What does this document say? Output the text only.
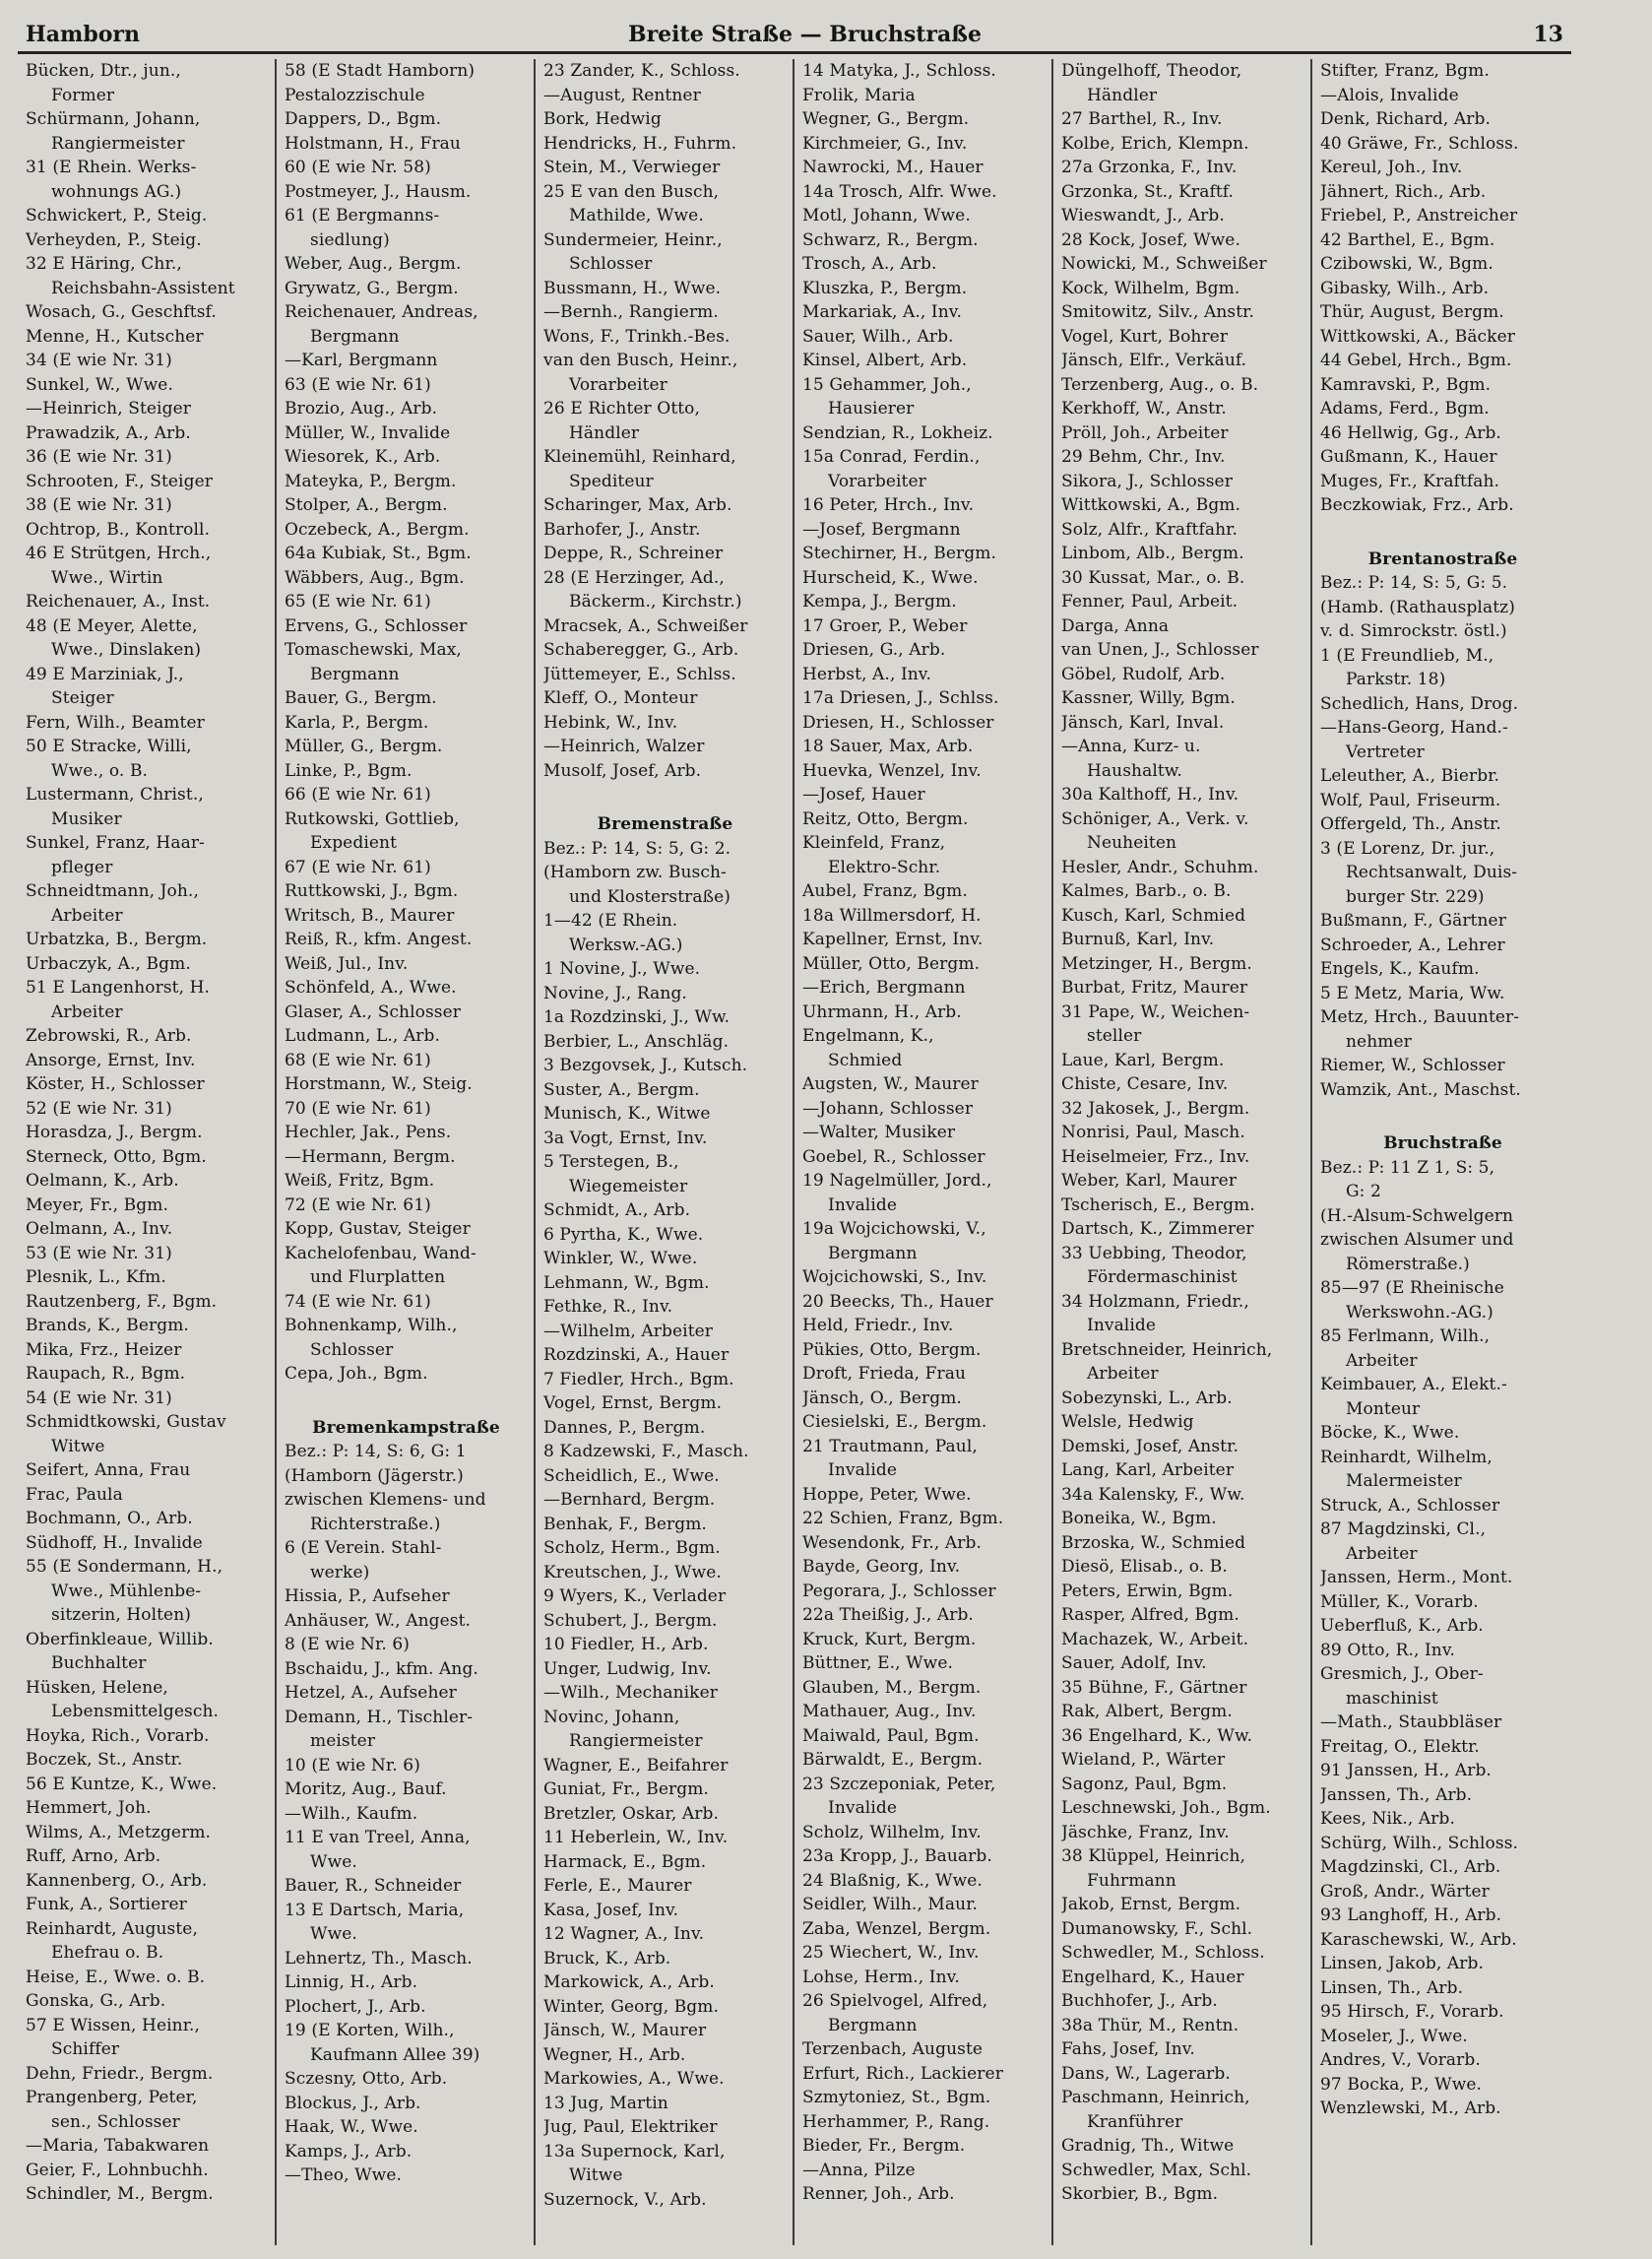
Hamborn	Breite Straße — Bruchstraße	13
Bücken, Dtr., jun.,
Former
Schürmann, Johann,
Rangiermeister
31 (E Rhein. Werks-
wohnungs AG.)
Schwickert, P., Steig.
Verheyden, P., Steig.
32 E Häring, Chr.,
Reichsbahn-Assistent
Wosach, G., Geschftsf.
Menne, H., Kutscher
34 (E wie Nr. 31)
Sunkel, W., Wwe.
—Heinrich, Steiger
Prawadzik, A., Arb.
36 (E wie Nr. 31)
Schrooten, F., Steiger
38 (E wie Nr. 31)
Ochtrop, B., Kontroll.
46 E Strütgen, Hrch.,
Wwe., Wirtin
Reichenauer, A., Inst.
48 (E Meyer, Alette,
Wwe., Dinslaken)
49 E Marziniak, J.,
Steiger
Fern, Wilh., Beamter
50 E Stracke, Willi,
Wwe., o. B.
Lustermann, Christ.,
Musiker
Sunkel, Franz, Haar-
pfleger
Schneidtmann, Joh.,
Arbeiter
Urbatzka, B., Bergm.
Urbaczyk, A., Bgm.
51 E Langenhorst, H.
Arbeiter
Zebrowski, R., Arb.
Ansorge, Ernst, Inv.
Köster, H., Schlosser
52 (E wie Nr. 31)
Horasdza, J., Bergm.
Sterneck, Otto, Bgm.
Oelmann, K., Arb.
Meyer, Fr., Bgm.
Oelmann, A., Inv.
53 (E wie Nr. 31)
Plesnik, L., Kfm.
Rautzenberg, F., Bgm.
Brands, K., Bergm.
Mika, Frz., Heizer
Raupach, R., Bgm.
54 (E wie Nr. 31)
Schmidtkowski, Gustav
Witwe
Seifert, Anna, Frau
Frac, Paula
Bochmann, O., Arb.
Südhoff, H., Invalide
55 (E Sondermann, H.,
Wwe., Mühlenbe-
sitzerin, Holten)
Oberfinkleaue, Willib.
Buchhalter
Hüsken, Helene,
Lebensmittelgesch.
Hoyka, Rich., Vorarb.
Boczek, St., Anstr.
56 E Kuntze, K., Wwe.
Hemmert, Joh.
Wilms, A., Metzgerm.
Ruff, Arno, Arb.
Kannenberg, O., Arb.
Funk, A., Sortierer
Reinhardt, Auguste,
Ehefrau o. B.
Heise, E., Wwe. o. B.
Gonska, G., Arb.
57 E Wissen, Heinr.,
Schiffer
Dehn, Friedr., Bergm.
Prangenberg, Peter,
sen., Schlosser
—Maria, Tabakwaren
Geier, F., Lohnbuchh.
Schindler, M., Bergm.
58 (E Stadt Hamborn)
Pestalozzischule
Dappers, D., Bgm.
Holstmann, H., Frau
60 (E wie Nr. 58)
Postmeyer, J., Hausm.
61 (E Bergmanns-
siedlung)
Weber, Aug., Bergm.
Grywatz, G., Bergm.
Reichenauer, Andreas,
Bergmann
—Karl, Bergmann
63 (E wie Nr. 61)
Brozio, Aug., Arb.
Müller, W., Invalide
Wiesorek, K., Arb.
Mateyka, P., Bergm.
Stolper, A., Bergm.
Oczebeck, A., Bergm.
64a Kubiak, St., Bgm.
Wäbbers, Aug., Bgm.
65 (E wie Nr. 61)
Ervens, G., Schlosser
Tomaschewski, Max,
Bergmann
Bauer, G., Bergm.
Karla, P., Bergm.
Müller, G., Bergm.
Linke, P., Bgm.
66 (E wie Nr. 61)
Rutkowski, Gottlieb,
Expedient
67 (E wie Nr. 61)
Ruttkowski, J., Bgm.
Writsch, B., Maurer
Reiß, R., kfm. Angest.
Weiß, Jul., Inv.
Schönfeld, A., Wwe.
Glaser, A., Schlosser
Ludmann, L., Arb.
68 (E wie Nr. 61)
Horstmann, W., Steig.
70 (E wie Nr. 61)
Hechler, Jak., Pens.
—Hermann, Bergm.
Weiß, Fritz, Bgm.
72 (E wie Nr. 61)
Kopp, Gustav, Steiger
Kachelofenbau, Wand-
und Flurplatten
74 (E wie Nr. 61)
Bohnenkamp, Wilh.,
Schlosser
Cepa, Joh., Bgm.
Bremenkampstraße
Bez.: P: 14, S: 6, G: 1
(Hamborn (Jägerstr.)
zwischen Klemens- und
Richterstraße.)
6 (E Verein. Stahl-
werke)
Hissia, P., Aufseher
Anhäuser, W., Angest.
8 (E wie Nr. 6)
Bschaidu, J., kfm. Ang.
Hetzel, A., Aufseher
Demann, H., Tischler-
meister
10 (E wie Nr. 6)
Moritz, Aug., Bauf.
—Wilh., Kaufm.
11 E van Treel, Anna,
Wwe.
Bauer, R., Schneider
13 E Dartsch, Maria,
Wwe.
Lehnertz, Th., Masch.
Linnig, H., Arb.
Plochert, J., Arb.
19 (E Korten, Wilh.,
Kaufmann Allee 39)
Sczesny, Otto, Arb.
Blockus, J., Arb.
Haak, W., Wwe.
Kamps, J., Arb.
—Theo, Wwe.
23 Zander, K., Schloss.
—August, Rentner
Bork, Hedwig
Hendricks, H., Fuhrm.
Stein, M., Verwieger
25 E van den Busch,
Mathilde, Wwe.
Sundermeier, Heinr.,
Schlosser
Bussmann, H., Wwe.
—Bernh., Rangierm.
Wons, F., Trinkh.-Bes.
van den Busch, Heinr.,
Vorarbeiter
26 E Richter Otto,
Händler
Kleinemühl, Reinhard,
Spediteur
Scharinger, Max, Arb.
Barhofer, J., Anstr.
Deppe, R., Schreiner
28 (E Herzinger, Ad.,
Bäckerm., Kirchstr.)
Mracsek, A., Schweißer
Schaberegger, G., Arb.
Jüttemeyer, E., Schlss.
Kleff, O., Monteur
Hebink, W., Inv.
—Heinrich, Walzer
Musolf, Josef, Arb.
Bremenstraße
Bez.: P: 14, S: 5, G: 2.
(Hamborn zw. Busch-
und Klosterstraße)
1—42 (E Rhein.
Werksw.-AG.)
1 Novine, J., Wwe.
Novine, J., Rang.
1a Rozdzinski, J., Ww.
Berbier, L., Anschläg.
3 Bezgovsek, J., Kutsch.
Suster, A., Bergm.
Munisch, K., Witwe
3a Vogt, Ernst, Inv.
5 Terstegen, B.,
Wiegemeister
Schmidt, A., Arb.
6 Pyrtha, K., Wwe.
Winkler, W., Wwe.
Lehmann, W., Bgm.
Fethke, R., Inv.
—Wilhelm, Arbeiter
Rozdzinski, A., Hauer
7 Fiedler, Hrch., Bgm.
Vogel, Ernst, Bergm.
Dannes, P., Bergm.
8 Kadzewski, F., Masch.
Scheidlich, E., Wwe.
—Bernhard, Bergm.
Benhak, F., Bergm.
Scholz, Herm., Bgm.
Kreutschen, J., Wwe.
9 Wyers, K., Verlader
Schubert, J., Bergm.
10 Fiedler, H., Arb.
Unger, Ludwig, Inv.
—Wilh., Mechaniker
Novinc, Johann,
Rangiermeister
Wagner, E., Beifahrer
Guniat, Fr., Bergm.
Bretzler, Oskar, Arb.
11 Heberlein, W., Inv.
Harmack, E., Bgm.
Ferle, E., Maurer
Kasa, Josef, Inv.
12 Wagner, A., Inv.
Bruck, K., Arb.
Markowick, A., Arb.
Winter, Georg, Bgm.
Jänsch, W., Maurer
Wegner, H., Arb.
Markowies, A., Wwe.
13 Jug, Martin
Jug, Paul, Elektriker
13a Supernock, Karl,
Witwe
Suzernock, V., Arb.
14 Matyka, J., Schloss.
Frolik, Maria
Wegner, G., Bergm.
Kirchmeier, G., Inv.
Nawrocki, M., Hauer
14a Trosch, Alfr. Wwe.
Motl, Johann, Wwe.
Schwarz, R., Bergm.
Trosch, A., Arb.
Kluszka, P., Bergm.
Markariak, A., Inv.
Sauer, Wilh., Arb.
Kinsel, Albert, Arb.
15 Gehammer, Joh.,
Hausierer
Sendzian, R., Lokheiz.
15a Conrad, Ferdin.,
Vorarbeiter
16 Peter, Hrch., Inv.
—Josef, Bergmann
Stechirner, H., Bergm.
Hurscheid, K., Wwe.
Kempa, J., Bergm.
17 Groer, P., Weber
Driesen, G., Arb.
Herbst, A., Inv.
17a Driesen, J., Schlss.
Driesen, H., Schlosser
18 Sauer, Max, Arb.
Huevka, Wenzel, Inv.
—Josef, Hauer
Reitz, Otto, Bergm.
Kleinfeld, Franz,
Elektro-Schr.
Aubel, Franz, Bgm.
18a Willmersdorf, H.
Kapellner, Ernst, Inv.
Müller, Otto, Bergm.
—Erich, Bergmann
Uhrmann, H., Arb.
Engelmann, K.,
Schmied
Augsten, W., Maurer
—Johann, Schlosser
—Walter, Musiker
Goebel, R., Schlosser
19 Nagelmüller, Jord.,
Invalide
19a Wojcichowski, V.,
Bergmann
Wojcichowski, S., Inv.
20 Beecks, Th., Hauer
Held, Friedr., Inv.
Pükies, Otto, Bergm.
Droft, Frieda, Frau
Jänsch, O., Bergm.
Ciesielski, E., Bergm.
21 Trautmann, Paul,
Invalide
Hoppe, Peter, Wwe.
22 Schien, Franz, Bgm.
Wesendonk, Fr., Arb.
Bayde, Georg, Inv.
Pegorara, J., Schlosser
22a Theißig, J., Arb.
Kruck, Kurt, Bergm.
Büttner, E., Wwe.
Glauben, M., Bergm.
Mathauer, Aug., Inv.
Maiwald, Paul, Bgm.
Bärwaldt, E., Bergm.
23 Szczeponiak, Peter,
Invalide
Scholz, Wilhelm, Inv.
23a Kropp, J., Bauarb.
24 Blaßnig, K., Wwe.
Seidler, Wilh., Maur.
Zaba, Wenzel, Bergm.
25 Wiechert, W., Inv.
Lohse, Herm., Inv.
26 Spielvogel, Alfred,
Bergmann
Terzenbach, Auguste
Erfurt, Rich., Lackierer
Szmytoniez, St., Bgm.
Herhammer, P., Rang.
Bieder, Fr., Bergm.
—Anna, Pilze
Renner, Joh., Arb.
Düngelhoff, Theodor,
Händler
27 Barthel, R., Inv.
Kolbe, Erich, Klempn.
27a Grzonka, F., Inv.
Grzonka, St., Kraftf.
Wieswandt, J., Arb.
28 Kock, Josef, Wwe.
Nowicki, M., Schweißer
Kock, Wilhelm, Bgm.
Smitowitz, Silv., Anstr.
Vogel, Kurt, Bohrer
Jänsch, Elfr., Verkäuf.
Terzenberg, Aug., o. B.
Kerkhoff, W., Anstr.
Pröll, Joh., Arbeiter
29 Behm, Chr., Inv.
Sikora, J., Schlosser
Wittkowski, A., Bgm.
Solz, Alfr., Kraftfahr.
Linbom, Alb., Bergm.
30 Kussat, Mar., o. B.
Fenner, Paul, Arbeit.
Darga, Anna
van Unen, J., Schlosser
Göbel, Rudolf, Arb.
Kassner, Willy, Bgm.
Jänsch, Karl, Inval.
—Anna, Kurz- u.
Haushaltw.
30a Kalthoff, H., Inv.
Schöniger, A., Verk. v.
Neuheiten
Hesler, Andr., Schuhm.
Kalmes, Barb., o. B.
Kusch, Karl, Schmied
Burnuß, Karl, Inv.
Metzinger, H., Bergm.
Burbat, Fritz, Maurer
31 Pape, W., Weichen-
steller
Laue, Karl, Bergm.
Chiste, Cesare, Inv.
32 Jakosek, J., Bergm.
Nonrisi, Paul, Masch.
Heiselmeier, Frz., Inv.
Weber, Karl, Maurer
Tscherisch, E., Bergm.
Dartsch, K., Zimmerer
33 Uebbing, Theodor,
Fördermaschinist
34 Holzmann, Friedr.,
Invalide
Bretschneider, Heinrich,
Arbeiter
Sobezynski, L., Arb.
Welsle, Hedwig
Demski, Josef, Anstr.
Lang, Karl, Arbeiter
34a Kalensky, F., Ww.
Boneika, W., Bgm.
Brzoska, W., Schmied
Diesö, Elisab., o. B.
Peters, Erwin, Bgm.
Rasper, Alfred, Bgm.
Machazek, W., Arbeit.
Sauer, Adolf, Inv.
35 Bühne, F., Gärtner
Rak, Albert, Bergm.
36 Engelhard, K., Ww.
Wieland, P., Wärter
Sagonz, Paul, Bgm.
Leschnewski, Joh., Bgm.
Jäschke, Franz, Inv.
38 Klüppel, Heinrich,
Fuhrmann
Jakob, Ernst, Bergm.
Dumanowsky, F., Schl.
Schwedler, M., Schloss.
Engelhard, K., Hauer
Buchhofer, J., Arb.
38a Thür, M., Rentn.
Fahs, Josef, Inv.
Dans, W., Lagerarb.
Paschmann, Heinrich,
Kranführer
Gradnig, Th., Witwe
Schwedler, Max, Schl.
Skorbier, B., Bgm.
Stifter, Franz, Bgm.
—Alois, Invalide
Denk, Richard, Arb.
40 Gräwe, Fr., Schloss.
Kereul, Joh., Inv.
Jähnert, Rich., Arb.
Friebel, P., Anstreicher
42 Barthel, E., Bgm.
Czibowski, W., Bgm.
Gibasky, Wilh., Arb.
Thür, August, Bergm.
Wittkowski, A., Bäcker
44 Gebel, Hrch., Bgm.
Kamravski, P., Bgm.
Adams, Ferd., Bgm.
46 Hellwig, Gg., Arb.
Gußmann, K., Hauer
Muges, Fr., Kraftfah.
Beczkowiak, Frz., Arb.
Brentanostraße
Bez.: P: 14, S: 5, G: 5.
(Hamb. (Rathausplatz)
v. d. Simrockstr. östl.)
1 (E Freundlieb, M.,
Parkstr. 18)
Schedlich, Hans, Drog.
—Hans-Georg, Hand.-
Vertreter
Leleuther, A., Bierbr.
Wolf, Paul, Friseurm.
Offergeld, Th., Anstr.
3 (E Lorenz, Dr. jur.,
Rechtsanwalt, Duis-
burger Str. 229)
Bußmann, F., Gärtner
Schroeder, A., Lehrer
Engels, K., Kaufm.
5 E Metz, Maria, Ww.
Metz, Hrch., Bauunter-
nehmer
Riemer, W., Schlosser
Wamzik, Ant., Maschst.
Bruchstraße
Bez.: P: 11 Z 1, S: 5,
G: 2
(H.-Alsum-Schwelgern
zwischen Alsumer und
Römerstraße.)
85—97 (E Rheinische
Werkswohn.-AG.)
85 Ferlmann, Wilh.,
Arbeiter
Keimbauer, A., Elekt.-
Monteur
Böcke, K., Wwe.
Reinhardt, Wilhelm,
Malermeister
Struck, A., Schlosser
87 Magdzinski, Cl.,
Arbeiter
Janssen, Herm., Mont.
Müller, K., Vorarb.
Ueberfluß, K., Arb.
89 Otto, R., Inv.
Gresmich, J., Ober-
maschinist
—Math., Staubbläser
Freitag, O., Elektr.
91 Janssen, H., Arb.
Janssen, Th., Arb.
Kees, Nik., Arb.
Schürg, Wilh., Schloss.
Magdzinski, Cl., Arb.
Groß, Andr., Wärter
93 Langhoff, H., Arb.
Karaschewski, W., Arb.
Linsen, Jakob, Arb.
Linsen, Th., Arb.
95 Hirsch, F., Vorarb.
Moseler, J., Wwe.
Andres, V., Vorarb.
97 Bocka, P., Wwe.
Wenzlewski, M., Arb.
